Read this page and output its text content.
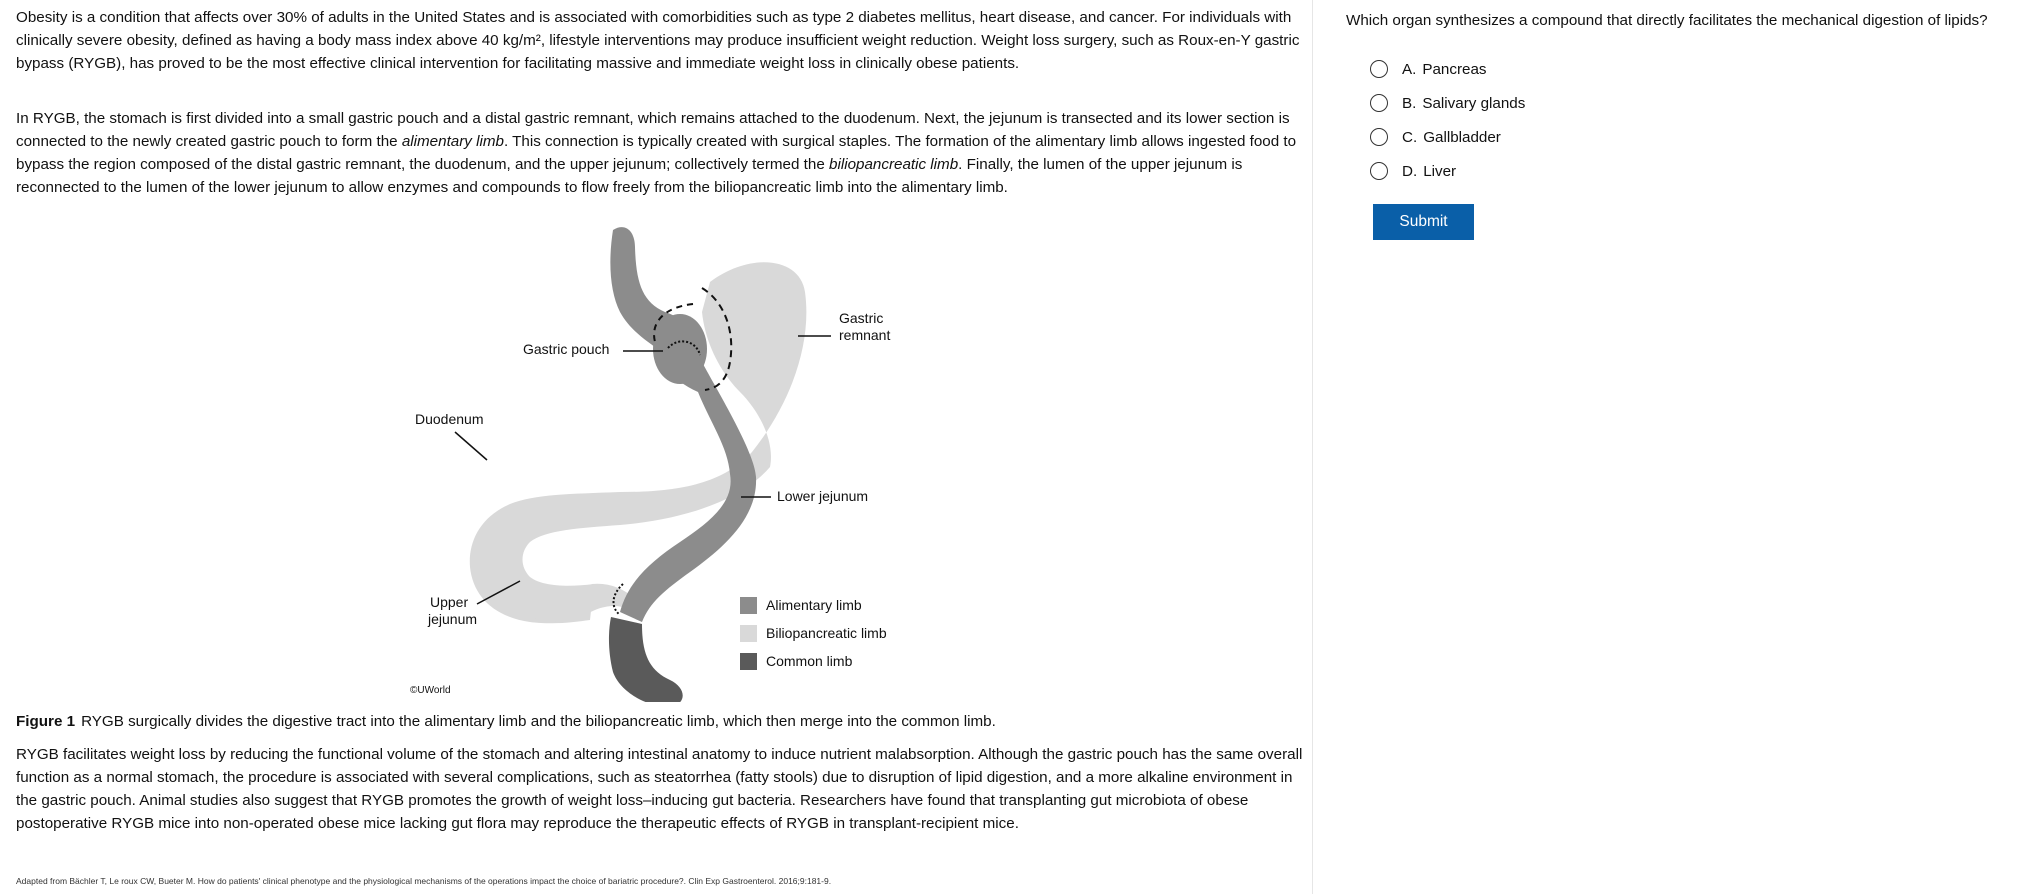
Obesity is a condition that affects over 30% of adults in the United States and is associated with comorbidities such as type 2 diabetes mellitus, heart disease, and cancer. For individuals with clinically severe obesity, defined as having a body mass index above 40 kg/m², lifestyle interventions may produce insufficient weight reduction. Weight loss surgery, such as Roux-en-Y gastric bypass (RYGB), has proved to be the most effective clinical intervention for facilitating massive and immediate weight loss in clinically obese patients.

In RYGB, the stomach is first divided into a small gastric pouch and a distal gastric remnant, which remains attached to the duodenum. Next, the jejunum is transected and its lower section is connected to the newly created gastric pouch to form the alimentary limb. This connection is typically created with surgical staples. The formation of the alimentary limb allows ingested food to bypass the region composed of the distal gastric remnant, the duodenum, and the upper jejunum; collectively termed the biliopancreatic limb. Finally, the lumen of the upper jejunum is reconnected to the lumen of the lower jejunum to allow enzymes and compounds to flow freely from the biliopancreatic limb into the alimentary limb.

Gastric pouch
Gastric
remnant
Duodenum
Lower jejunum
Upper
jejunum
Alimentary limb
Biliopancreatic limb
Common limb
©UWorld

Figure 1 RYGB surgically divides the digestive tract into the alimentary limb and the biliopancreatic limb, which then merge into the common limb.

RYGB facilitates weight loss by reducing the functional volume of the stomach and altering intestinal anatomy to induce nutrient malabsorption. Although the gastric pouch has the same overall function as a normal stomach, the procedure is associated with several complications, such as steatorrhea (fatty stools) due to disruption of lipid digestion, and a more alkaline environment in the gastric pouch. Animal studies also suggest that RYGB promotes the growth of weight loss–inducing gut bacteria. Researchers have found that transplanting gut microbiota of obese postoperative RYGB mice into non-operated obese mice lacking gut flora may reproduce the therapeutic effects of RYGB in transplant-recipient mice.

Adapted from Bächler T, Le roux CW, Bueter M. How do patients' clinical phenotype and the physiological mechanisms of the operations impact the choice of bariatric procedure?. Clin Exp Gastroenterol. 2016;9:181-9.

Which organ synthesizes a compound that directly facilitates the mechanical digestion of lipids?
A. Pancreas
B. Salivary glands
C. Gallbladder
D. Liver
Submit
